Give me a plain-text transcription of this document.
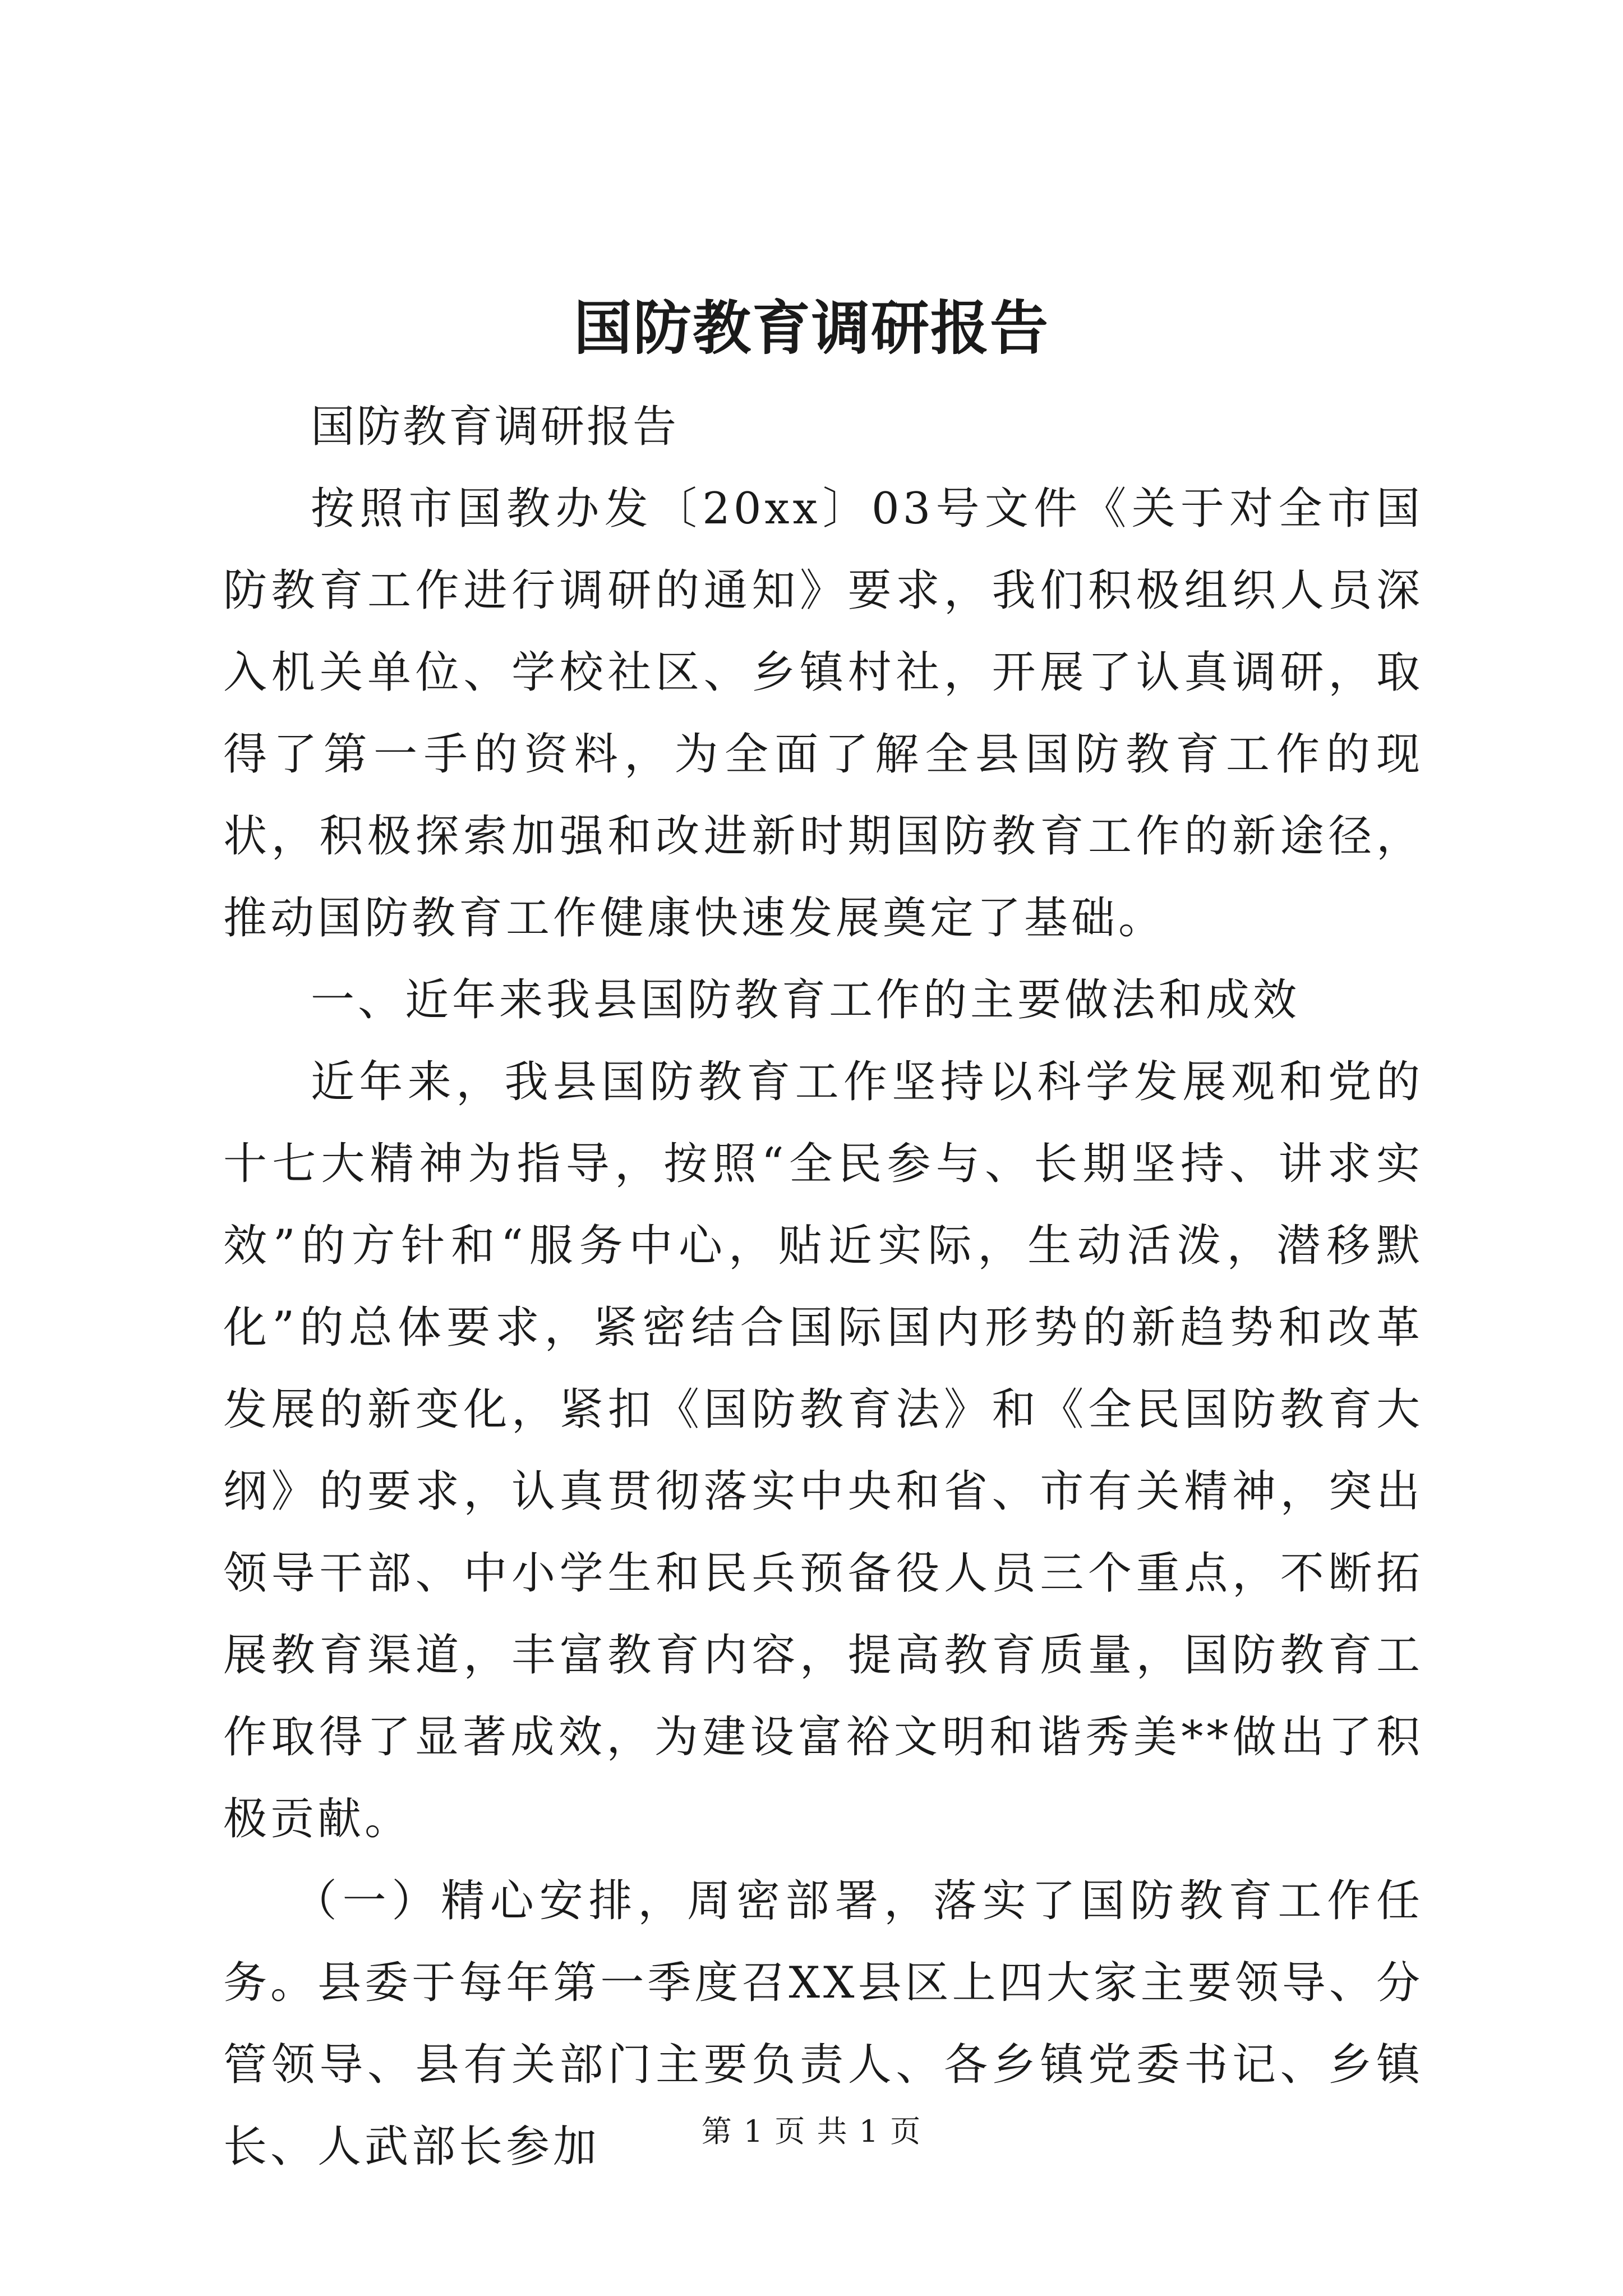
国防教育调研报告

国防教育调研报告

按照市国教办发〔20xx〕03号文件《关于对全市国防教育工作进行调研的通知》要求，我们积极组织人员深入机关单位、学校社区、乡镇村社，开展了认真调研，取得了第一手的资料，为全面了解全县国防教育工作的现状，积极探索加强和改进新时期国防教育工作的新途径，推动国防教育工作健康快速发展奠定了基础。

一、近年来我县国防教育工作的主要做法和成效

近年来，我县国防教育工作坚持以科学发展观和党的十七大精神为指导，按照“全民参与、长期坚持、讲求实效”的方针和“服务中心，贴近实际，生动活泼，潜移默化”的总体要求，紧密结合国际国内形势的新趋势和改革发展的新变化，紧扣《国防教育法》和《全民国防教育大纲》的要求，认真贯彻落实中央和省、市有关精神，突出领导干部、中小学生和民兵预备役人员三个重点，不断拓展教育渠道，丰富教育内容，提高教育质量，国防教育工作取得了显著成效，为建设富裕文明和谐秀美**做出了积极贡献。

（一）精心安排，周密部署，落实了国防教育工作任务。县委于每年第一季度召XX县区上四大家主要领导、分管领导、县有关部门主要负责人、各乡镇党委书记、乡镇长、人武部长参加	第 1 页 共 1 页
